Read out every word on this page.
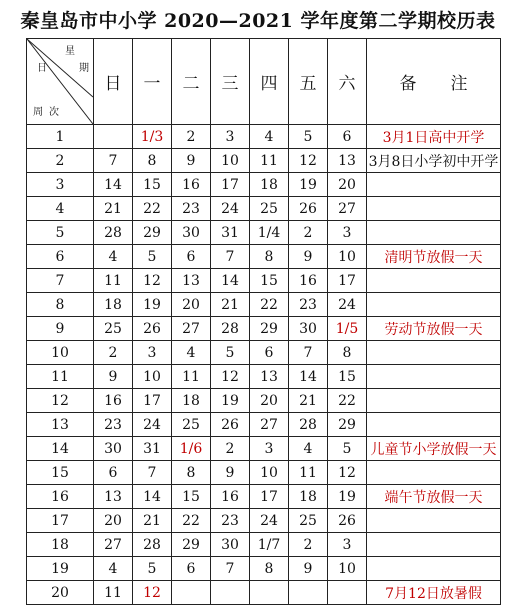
秦皇岛市中小学 2020—2021 学年度第二学期校历表
星
日 期
周 次	日	一	二	三	四	五	六	备　　注
1		1/3	2	3	4	5	6	3月1日高中开学
2	7	8	9	10	11	12	13	3月8日小学初中开学
3	14	15	16	17	18	19	20	
4	21	22	23	24	25	26	27	
5	28	29	30	31	1/4	2	3	
6	4	5	6	7	8	9	10	清明节放假一天
7	11	12	13	14	15	16	17	
8	18	19	20	21	22	23	24	
9	25	26	27	28	29	30	1/5	劳动节放假一天
10	2	3	4	5	6	7	8	
11	9	10	11	12	13	14	15	
12	16	17	18	19	20	21	22	
13	23	24	25	26	27	28	29	
14	30	31	1/6	2	3	4	5	儿童节小学放假一天
15	6	7	8	9	10	11	12	
16	13	14	15	16	17	18	19	端午节放假一天
17	20	21	22	23	24	25	26	
18	27	28	29	30	1/7	2	3	
19	4	5	6	7	8	9	10	
20	11	12						7月12日放暑假
